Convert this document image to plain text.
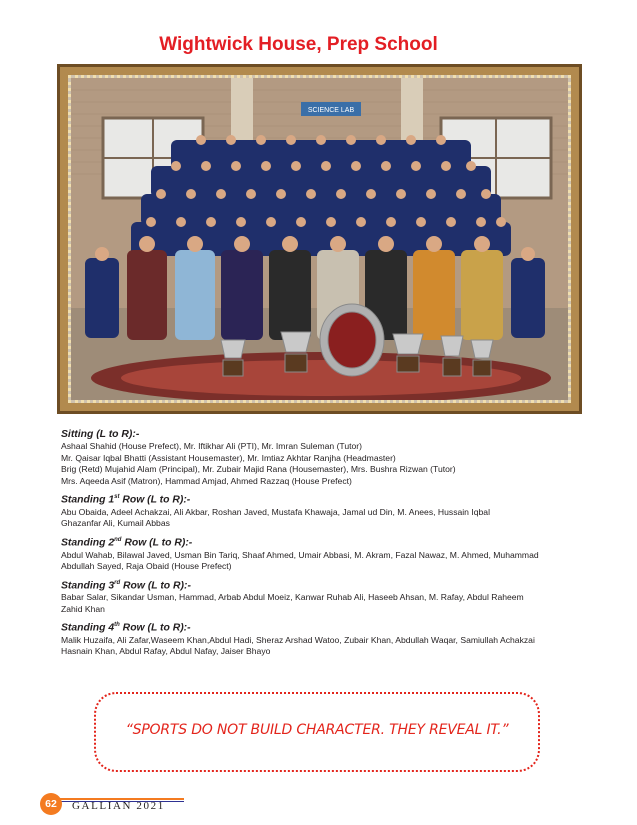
Wightwick House, Prep School
SCIENCE LAB
Sitting (L to R):-
Ashaal Shahid (House Prefect), Mr. Iftikhar Ali (PTI), Mr. Imran Suleman (Tutor)
Mr. Qaisar Iqbal Bhatti (Assistant Housemaster), Mr. Imtiaz Akhtar Ranjha (Headmaster)
Brig (Retd) Mujahid Alam (Principal), Mr. Zubair Majid Rana (Housemaster), Mrs. Bushra Rizwan (Tutor)
Mrs. Aqeeda Asif (Matron), Hammad Amjad, Ahmed Razzaq (House Prefect)
Standing 1st Row (L to R):-
Abu Obaida, Adeel Achakzai, Ali Akbar, Roshan Javed, Mustafa Khawaja, Jamal ud Din, M. Anees, Hussain Iqbal
Ghazanfar Ali, Kumail Abbas
Standing 2nd Row (L to R):-
Abdul Wahab, Bilawal Javed, Usman Bin Tariq, Shaaf Ahmed, Umair Abbasi, M. Akram, Fazal Nawaz, M. Ahmed, Muhammad
Abdullah Sayed, Raja Obaid (House Prefect)
Standing 3rd Row (L to R):-
Babar Salar, Sikandar Usman, Hammad, Arbab Abdul Moeiz, Kanwar Ruhab Ali, Haseeb Ahsan, M. Rafay, Abdul Raheem
Zahid Khan
Standing 4th Row (L to R):-
Malik Huzaifa, Ali Zafar,Waseem Khan,Abdul Hadi, Sheraz Arshad Watoo, Zubair Khan, Abdullah Waqar, Samiullah Achakzai
Hasnain Khan, Abdul Rafay, Abdul Nafay, Jaiser Bhayo
“SPORTS DO NOT BUILD CHARACTER. THEY REVEAL IT.”
62	GALLIAN 2021
